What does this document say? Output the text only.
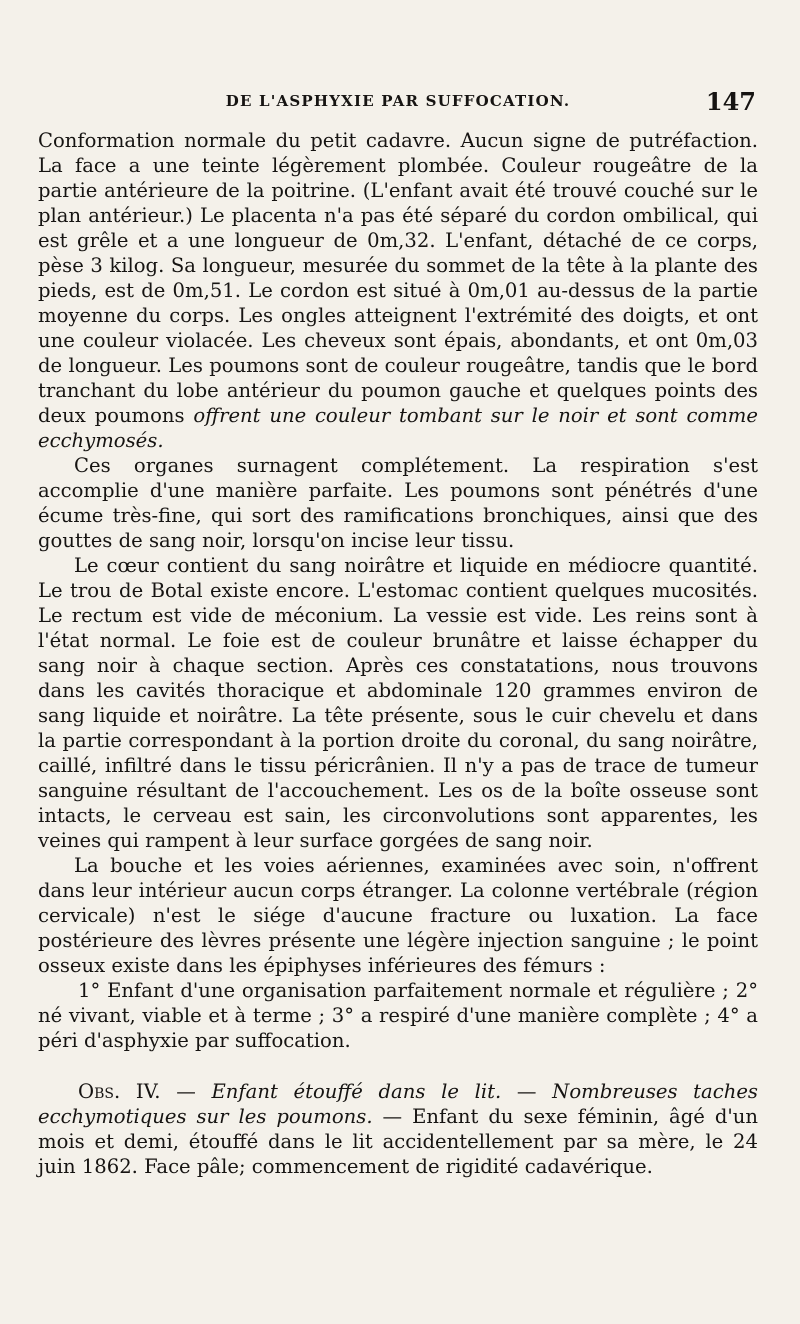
DE L'ASPHYXIE PAR SUFFOCATION.	147

Conformation normale du petit cadavre. Aucun signe de putréfaction. La face a une teinte légèrement plombée. Couleur rougeâtre de la partie antérieure de la poitrine. (L'enfant avait été trouvé couché sur le plan antérieur.) Le placenta n'a pas été séparé du cordon ombilical, qui est grêle et a une longueur de 0m,32. L'enfant, détaché de ce corps, pèse 3 kilog. Sa longueur, mesurée du sommet de la tête à la plante des pieds, est de 0m,51. Le cordon est situé à 0m,01 au-dessus de la partie moyenne du corps. Les ongles atteignent l'extrémité des doigts, et ont une couleur violacée. Les cheveux sont épais, abondants, et ont 0m,03 de longueur. Les poumons sont de couleur rougeâtre, tandis que le bord tranchant du lobe antérieur du poumon gauche et quelques points des deux poumons offrent une couleur tombant sur le noir et sont comme ecchymosés.

Ces organes surnagent complétement. La respiration s'est accomplie d'une manière parfaite. Les poumons sont pénétrés d'une écume très-fine, qui sort des ramifications bronchiques, ainsi que des gouttes de sang noir, lorsqu'on incise leur tissu.

Le cœur contient du sang noirâtre et liquide en médiocre quantité. Le trou de Botal existe encore. L'estomac contient quelques mucosités. Le rectum est vide de méconium. La vessie est vide. Les reins sont à l'état normal. Le foie est de couleur brunâtre et laisse échapper du sang noir à chaque section. Après ces constatations, nous trouvons dans les cavités thoracique et abdominale 120 grammes environ de sang liquide et noirâtre. La tête présente, sous le cuir chevelu et dans la partie correspondant à la portion droite du coronal, du sang noirâtre, caillé, infiltré dans le tissu péricrânien. Il n'y a pas de trace de tumeur sanguine résultant de l'accouchement. Les os de la boîte osseuse sont intacts, le cerveau est sain, les circonvolutions sont apparentes, les veines qui rampent à leur surface gorgées de sang noir.

La bouche et les voies aériennes, examinées avec soin, n'offrent dans leur intérieur aucun corps étranger. La colonne vertébrale (région cervicale) n'est le siége d'aucune fracture ou luxation. La face postérieure des lèvres présente une légère injection sanguine ; le point osseux existe dans les épiphyses inférieures des fémurs :

1° Enfant d'une organisation parfaitement normale et régulière ; 2° né vivant, viable et à terme ; 3° a respiré d'une manière complète ; 4° a péri d'asphyxie par suffocation.

Obs. IV. — Enfant étouffé dans le lit. — Nombreuses taches ecchymotiques sur les poumons. — Enfant du sexe féminin, âgé d'un mois et demi, étouffé dans le lit accidentellement par sa mère, le 24 juin 1862. Face pâle; commencement de rigidité cadavérique.
